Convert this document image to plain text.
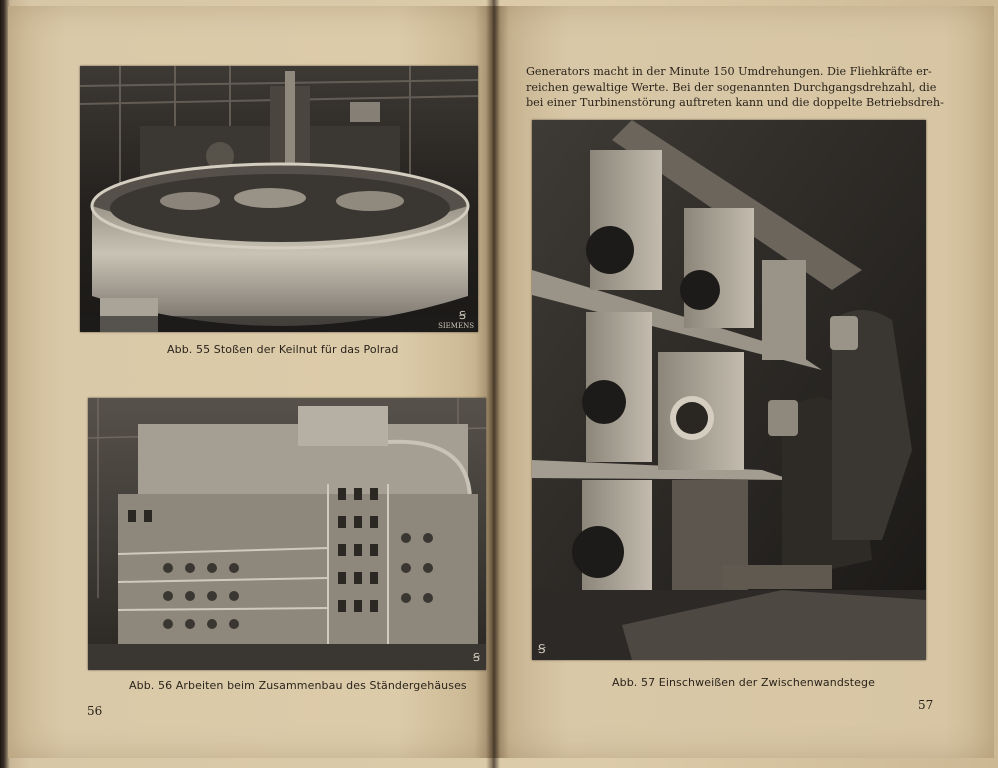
SIEMENS
Ꞩ
Abb. 55 Stoßen der Keilnut für das Polrad
Ꞩ
Abb. 56 Arbeiten beim Zusammenbau des Ständergehäuses
56
Generators macht in der Minute 150 Umdrehungen. Die Fliehkräfte er-
reichen gewaltige Werte. Bei der sogenannten Durchgangsdrehzahl, die
bei einer Turbinenstörung auftreten kann und die doppelte Betriebsdreh-
Ꞩ
Abb. 57 Einschweißen der Zwischenwandstege
57
